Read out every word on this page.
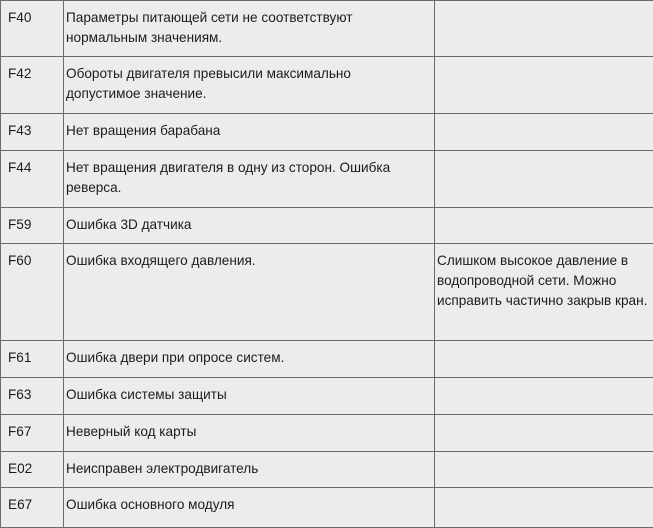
F40	Параметры питающей сети не соответствуют нормальным значениям.	
F42	Обороты двигателя превысили максимально допустимое значение.	
F43	Нет вращения барабана	
F44	Нет вращения двигателя в одну из сторон. Ошибка реверса.	
F59	Ошибка 3D датчика	
F60	Ошибка входящего давления.	Слишком высокое давление в водопроводной сети. Можно исправить частично закрыв кран.
F61	Ошибка двери при опросе систем.	
F63	Ошибка системы защиты	
F67	Неверный код карты	
E02	Неисправен электродвигатель	
E67	Ошибка основного модуля	
